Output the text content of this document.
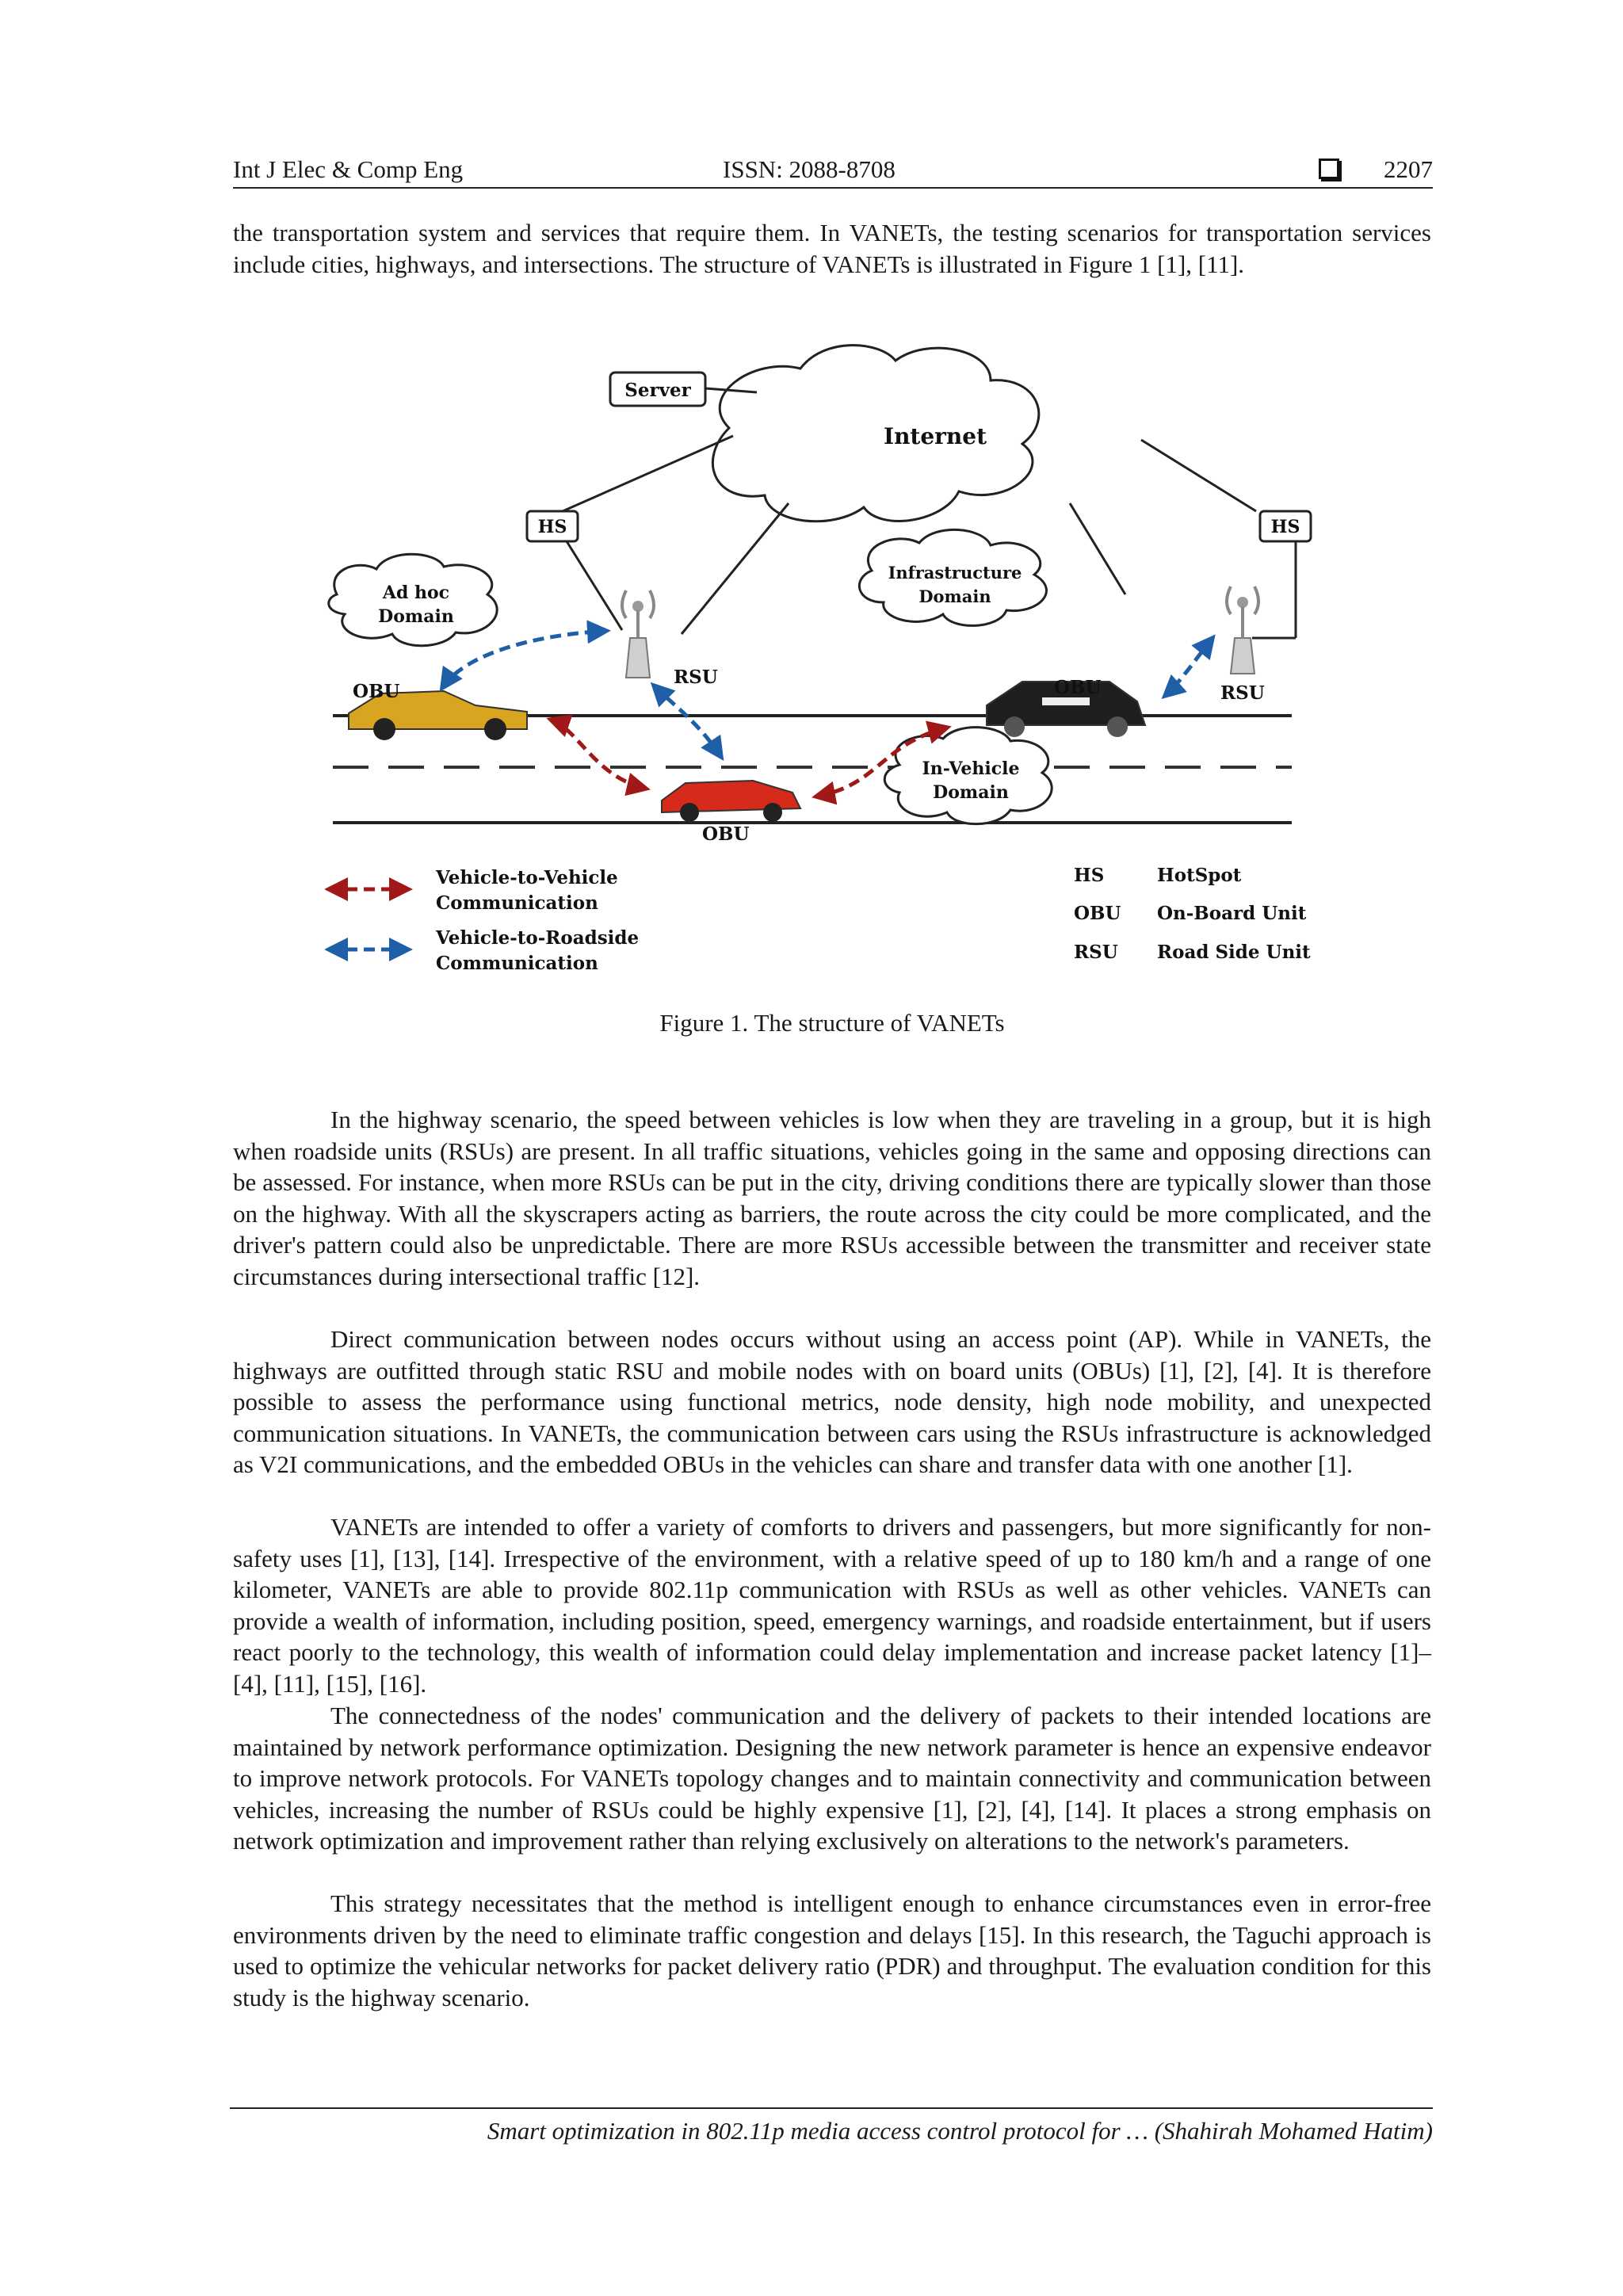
Int J Elec & Comp Eng	ISSN: 2088-8708	2207

the transportation system and services that require them. In VANETs, the testing scenarios for transportation services include cities, highways, and intersections. The structure of VANETs is illustrated in Figure 1 [1], [11].

Internet
Server
HS	HS
Infrastructure
Domain
Ad hoc
Domain
RSU
RSU
OBU	OBU
OBU
In-Vehicle
Domain
Vehicle-to-Vehicle
Communication
Vehicle-to-Roadside
Communication
HS	HotSpot
OBU On-Board Unit
RSU Road Side Unit
Figure 1. The structure of VANETs

In the highway scenario, the speed between vehicles is low when they are traveling in a group, but it is high when roadside units (RSUs) are present. In all traffic situations, vehicles going in the same and opposing directions can be assessed. For instance, when more RSUs can be put in the city, driving conditions there are typically slower than those on the highway. With all the skyscrapers acting as barriers, the route across the city could be more complicated, and the driver's pattern could also be unpredictable. There are more RSUs accessible between the transmitter and receiver state circumstances during intersectional traffic [12].

Direct communication between nodes occurs without using an access point (AP). While in VANETs, the highways are outfitted through static RSU and mobile nodes with on board units (OBUs) [1], [2], [4]. It is therefore possible to assess the performance using functional metrics, node density, high node mobility, and unexpected communication situations. In VANETs, the communication between cars using the RSUs infrastructure is acknowledged as V2I communications, and the embedded OBUs in the vehicles can share and transfer data with one another [1].

VANETs are intended to offer a variety of comforts to drivers and passengers, but more significantly for non-safety uses [1], [13], [14]. Irrespective of the environment, with a relative speed of up to 180 km/h and a range of one kilometer, VANETs are able to provide 802.11p communication with RSUs as well as other vehicles. VANETs can provide a wealth of information, including position, speed, emergency warnings, and roadside entertainment, but if users react poorly to the technology, this wealth of information could delay implementation and increase packet latency [1]–[4], [11], [15], [16].

The connectedness of the nodes' communication and the delivery of packets to their intended locations are maintained by network performance optimization. Designing the new network parameter is hence an expensive endeavor to improve network protocols. For VANETs topology changes and to maintain connectivity and communication between vehicles, increasing the number of RSUs could be highly expensive [1], [2], [4], [14]. It places a strong emphasis on network optimization and improvement rather than relying exclusively on alterations to the network's parameters.

This strategy necessitates that the method is intelligent enough to enhance circumstances even in error-free environments driven by the need to eliminate traffic congestion and delays [15]. In this research, the Taguchi approach is used to optimize the vehicular networks for packet delivery ratio (PDR) and throughput. The evaluation condition for this study is the highway scenario.

Smart optimization in 802.11p media access control protocol for … (Shahirah Mohamed Hatim)
